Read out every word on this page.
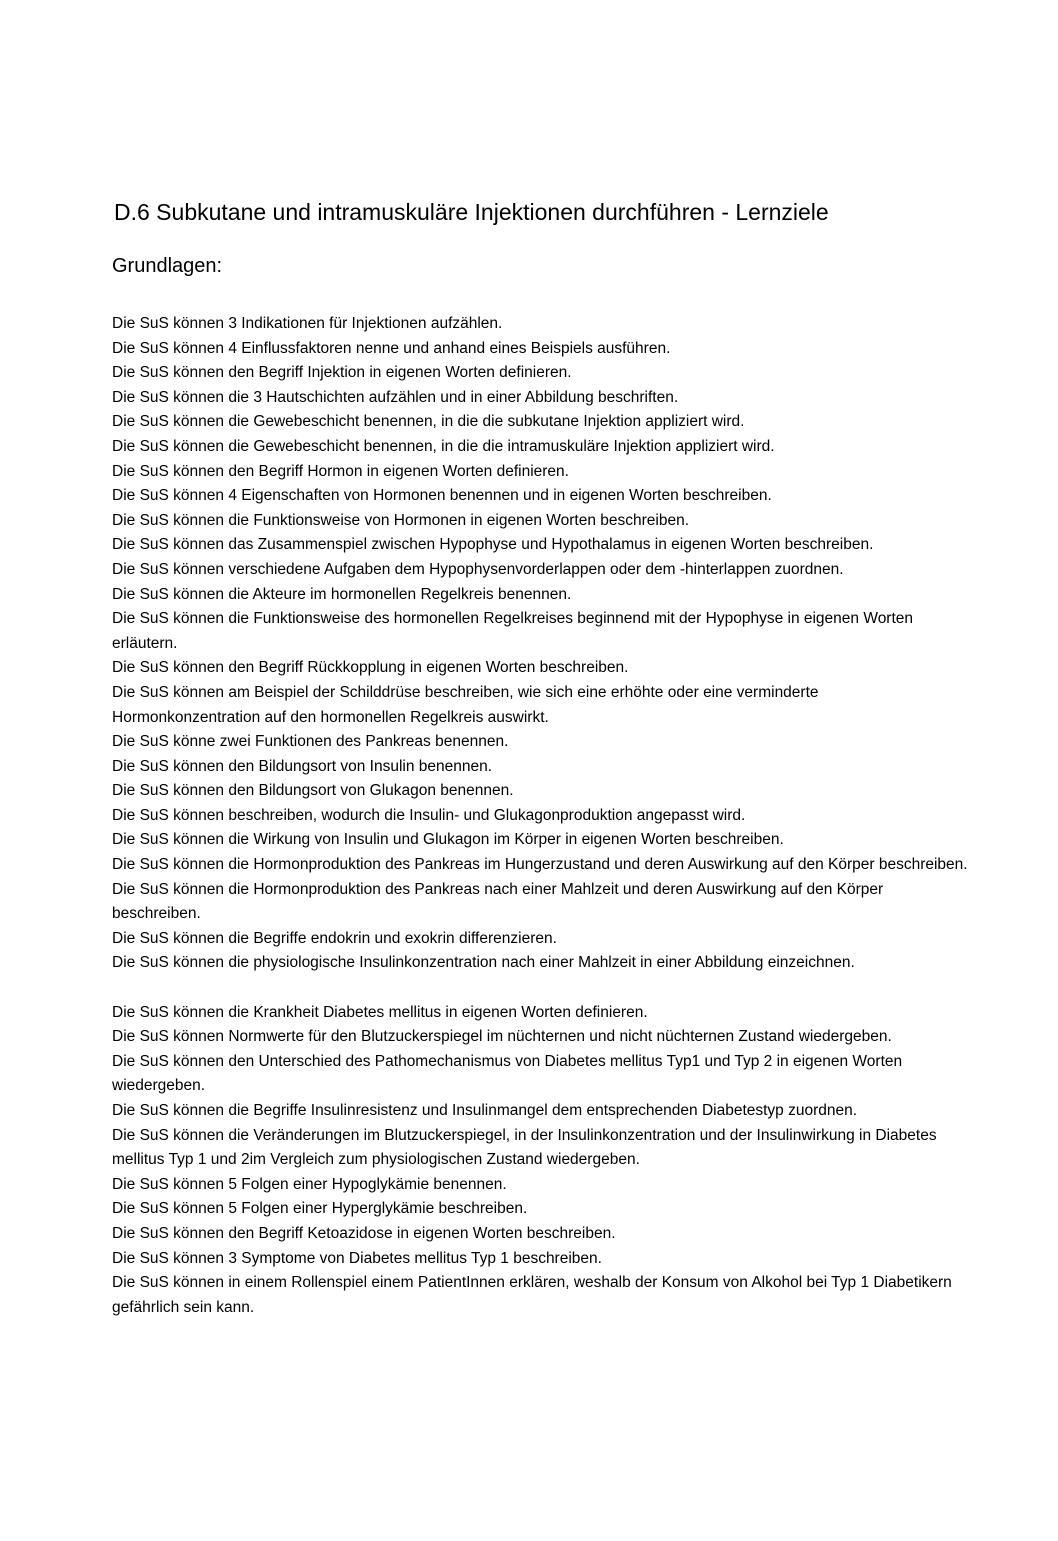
D.6 Subkutane und intramuskuläre Injektionen durchführen - Lernziele
Grundlagen:
Die SuS können 3 Indikationen für Injektionen aufzählen.
Die SuS können 4 Einflussfaktoren nenne und anhand eines Beispiels ausführen.
Die SuS können den Begriff Injektion in eigenen Worten definieren.
Die SuS können die 3 Hautschichten aufzählen und in einer Abbildung beschriften.
Die SuS können die Gewebeschicht benennen, in die die subkutane Injektion appliziert wird.
Die SuS können die Gewebeschicht benennen, in die die intramuskuläre Injektion appliziert wird.
Die SuS können den Begriff Hormon in eigenen Worten definieren.
Die SuS können 4 Eigenschaften von Hormonen benennen und in eigenen Worten beschreiben.
Die SuS können die Funktionsweise von Hormonen in eigenen Worten beschreiben.
Die SuS können das Zusammenspiel zwischen Hypophyse und Hypothalamus in eigenen Worten beschreiben.
Die SuS können verschiedene Aufgaben dem Hypophysenvorderlappen oder dem -hinterlappen zuordnen.
Die SuS können die Akteure im hormonellen Regelkreis benennen.
Die SuS können die Funktionsweise des hormonellen Regelkreises beginnend mit der Hypophyse in eigenen Worten erläutern.
Die SuS können den Begriff Rückkopplung in eigenen Worten beschreiben.
Die SuS können am Beispiel der Schilddrüse beschreiben, wie sich eine erhöhte oder eine verminderte Hormonkonzentration auf den hormonellen Regelkreis auswirkt.
Die SuS könne zwei Funktionen des Pankreas benennen.
Die SuS können den Bildungsort von Insulin benennen.
Die SuS können den Bildungsort von Glukagon benennen.
Die SuS können beschreiben, wodurch die Insulin- und Glukagonproduktion angepasst wird.
Die SuS können die Wirkung von Insulin und Glukagon im Körper in eigenen Worten beschreiben.
Die SuS können die Hormonproduktion des Pankreas im Hungerzustand und deren Auswirkung auf den Körper beschreiben.
Die SuS können die Hormonproduktion des Pankreas nach einer Mahlzeit und deren Auswirkung auf den Körper beschreiben.
Die SuS können die Begriffe endokrin und exokrin differenzieren.
Die SuS können die physiologische Insulinkonzentration nach einer Mahlzeit in einer Abbildung einzeichnen.
Die SuS können die Krankheit Diabetes mellitus in eigenen Worten definieren.
Die SuS können Normwerte für den Blutzuckerspiegel im nüchternen und nicht nüchternen Zustand wiedergeben.
Die SuS können den Unterschied des Pathomechanismus von Diabetes mellitus Typ1 und Typ 2 in eigenen Worten wiedergeben.
Die SuS können die Begriffe Insulinresistenz und Insulinmangel dem entsprechenden Diabetestyp zuordnen.
Die SuS können die Veränderungen im Blutzuckerspiegel, in der Insulinkonzentration und der Insulinwirkung in Diabetes mellitus Typ 1 und 2im Vergleich zum physiologischen Zustand wiedergeben.
Die SuS können 5 Folgen einer Hypoglykämie benennen.
Die SuS können 5 Folgen einer Hyperglykämie beschreiben.
Die SuS können den Begriff Ketoazidose in eigenen Worten beschreiben.
Die SuS können 3 Symptome von Diabetes mellitus Typ 1 beschreiben.
Die SuS können in einem Rollenspiel einem PatientInnen erklären, weshalb der Konsum von Alkohol bei Typ 1 Diabetikern gefährlich sein kann.
